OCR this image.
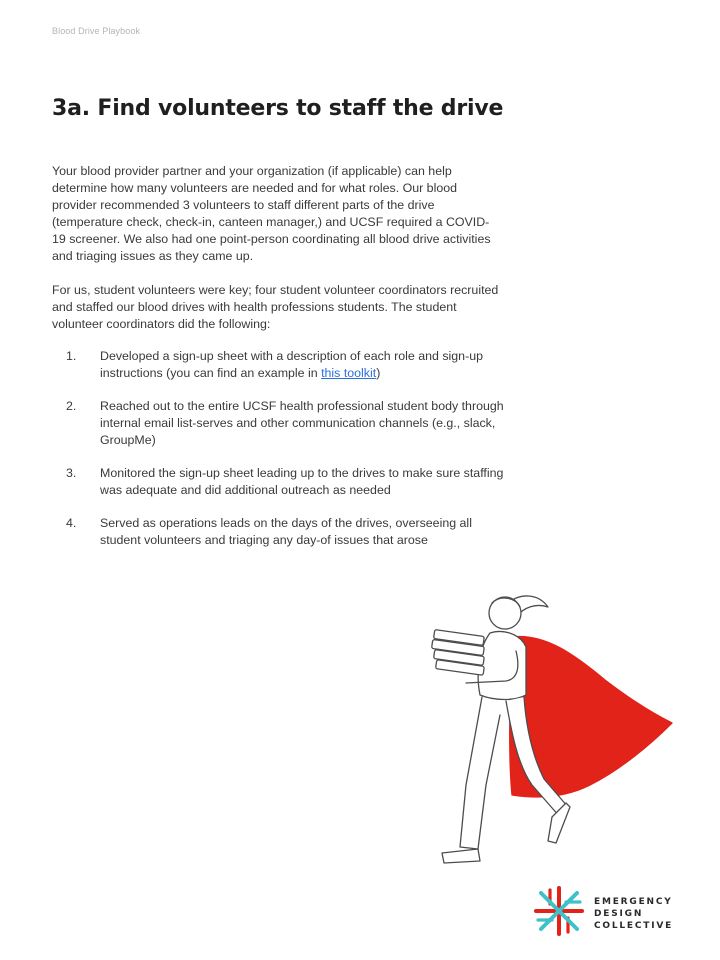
Blood Drive Playbook
3a. Find volunteers to staff the drive

Your blood provider partner and your organization (if applicable) can help determine how many volunteers are needed and for what roles. Our blood provider recommended 3 volunteers to staff different parts of the drive (temperature check, check-in, canteen manager,) and UCSF required a COVID-19 screener. We also had one point-person coordinating all blood drive activities and triaging issues as they came up.

For us, student volunteers were key; four student volunteer coordinators recruited and staffed our blood drives with health professions students. The student volunteer coordinators did the following:

1. Developed a sign-up sheet with a description of each role and sign-up instructions (you can find an example in this toolkit)
2. Reached out to the entire UCSF health professional student body through internal email list-serves and other communication channels (e.g., slack, GroupMe)
3. Monitored the sign-up sheet leading up to the drives to make sure staffing was adequate and did additional outreach as needed
4. Served as operations leads on the days of the drives, overseeing all student volunteers and triaging any day-of issues that arose
EMERGENCY
DESIGN
COLLECTIVE
